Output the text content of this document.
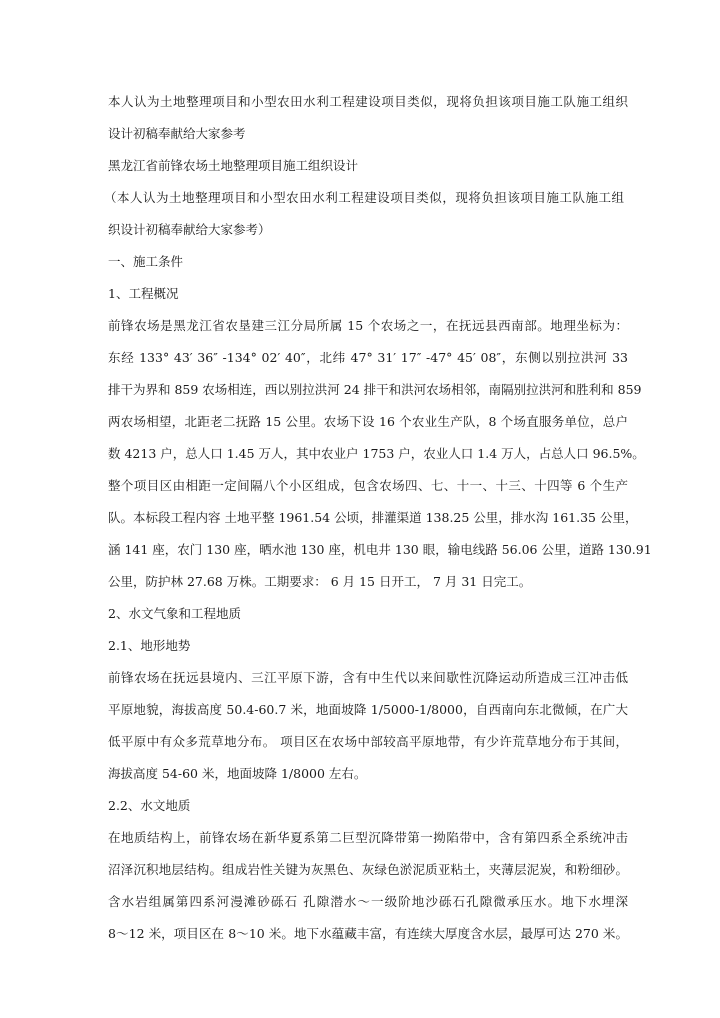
本人认为土地整理项目和小型农田水利工程建设项目类似，现将负担该项目施工队施工组织
设计初稿奉献给大家参考
黑龙江省前锋农场土地整理项目施工组织设计
（本人认为土地整理项目和小型农田水利工程建设项目类似，现将负担该项目施工队施工组
织设计初稿奉献给大家参考）
一、施工条件
1、工程概况
前锋农场是黑龙江省农垦建三江分局所属 15 个农场之一，在抚远县西南部。地理坐标为：
东经 133° 43′ 36″ -134° 02′ 40″，北纬 47° 31′ 17″ -47° 45′ 08″，东侧以别拉洪河 33
排干为界和 859 农场相连，西以别拉洪河 24 排干和洪河农场相邻，南隔别拉洪河和胜利和 859
两农场相望，北距老二抚路 15 公里。农场下设 16 个农业生产队，8 个场直服务单位，总户
数 4213 户，总人口 1.45 万人，其中农业户 1753 户，农业人口 1.4 万人，占总人口 96.5%。
整个项目区由相距一定间隔八个小区组成，包含农场四、七、十一、十三、十四等 6 个生产
队。本标段工程内容 土地平整 1961.54 公顷，排灌渠道 138.25 公里，排水沟 161.35 公里，
涵 141 座，农门 130 座，晒水池 130 座，机电井 130 眼，输电线路 56.06 公里，道路 130.91
公里，防护林 27.68 万株。工期要求： 6 月 15 日开工， 7 月 31 日完工。
2、水文气象和工程地质
2.1、地形地势
前锋农场在抚远县境内、三江平原下游，含有中生代以来间歇性沉降运动所造成三江冲击低
平原地貌，海拔高度 50.4-60.7 米，地面坡降 1/5000-1/8000，自西南向东北微倾，在广大
低平原中有众多荒草地分布。 项目区在农场中部较高平原地带，有少许荒草地分布于其间，
海拔高度 54-60 米，地面坡降 1/8000 左右。
2.2、水文地质
在地质结构上，前锋农场在新华夏系第二巨型沉降带第一拗陷带中，含有第四系全系统冲击
沼泽沉积地层结构。组成岩性关键为灰黑色、灰绿色淤泥质亚粘土，夹薄层泥炭，和粉细砂。
含水岩组属第四系河漫滩砂砾石 孔隙潜水～一级阶地沙砾石孔隙微承压水。地下水埋深
8～12 米，项目区在 8～10 米。地下水蕴藏丰富，有连续大厚度含水层，最厚可达 270 米。
